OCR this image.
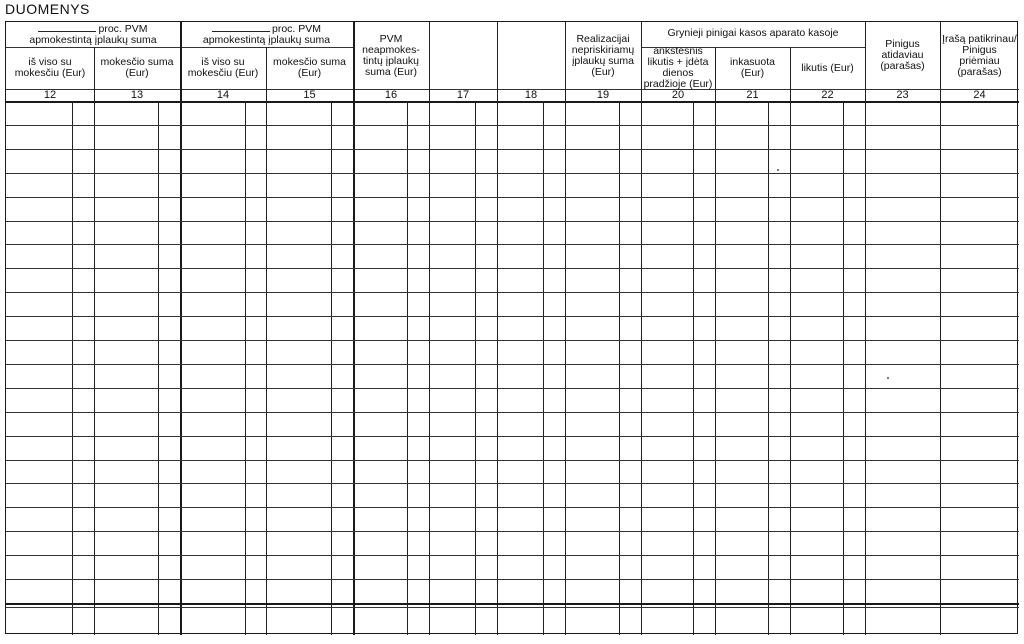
DUOMENYS
proc. PVM apmokestintą įplaukų suma
proc. PVM apmokestintą įplaukų suma
Grynieji pinigai kasos aparato kasoje
iš viso su mokesčiu (Eur)
12
mokesčio suma (Eur)
13
iš viso su mokesčiu (Eur)
14
mokesčio suma (Eur)
15
PVM neapmokes-tintų įplaukų suma (Eur)
16	17	18
Realizacijai nepriskiriamų įplaukų suma (Eur)
19
ankstesnis likutis + įdėta dienos pradžioje (Eur)
20
inkasuota (Eur)
21
likutis (Eur)
22
Pinigus atidaviau (parašas)
23
Įrašą patikrinau/ Pinigus priėmiau (parašas)
24
